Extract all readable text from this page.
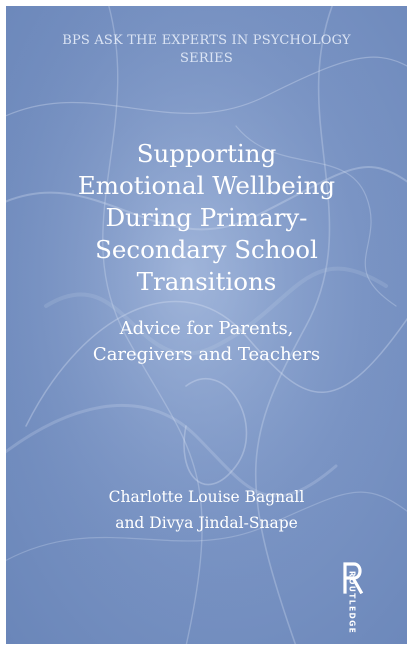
BPS ASK THE EXPERTS IN PSYCHOLOGY
SERIES
Supporting
Emotional Wellbeing
During Primary-
Secondary School
Transitions
Advice for Parents,
Caregivers and Teachers
Charlotte Louise Bagnall
and Divya Jindal-Snape
ROUTLEDGE
